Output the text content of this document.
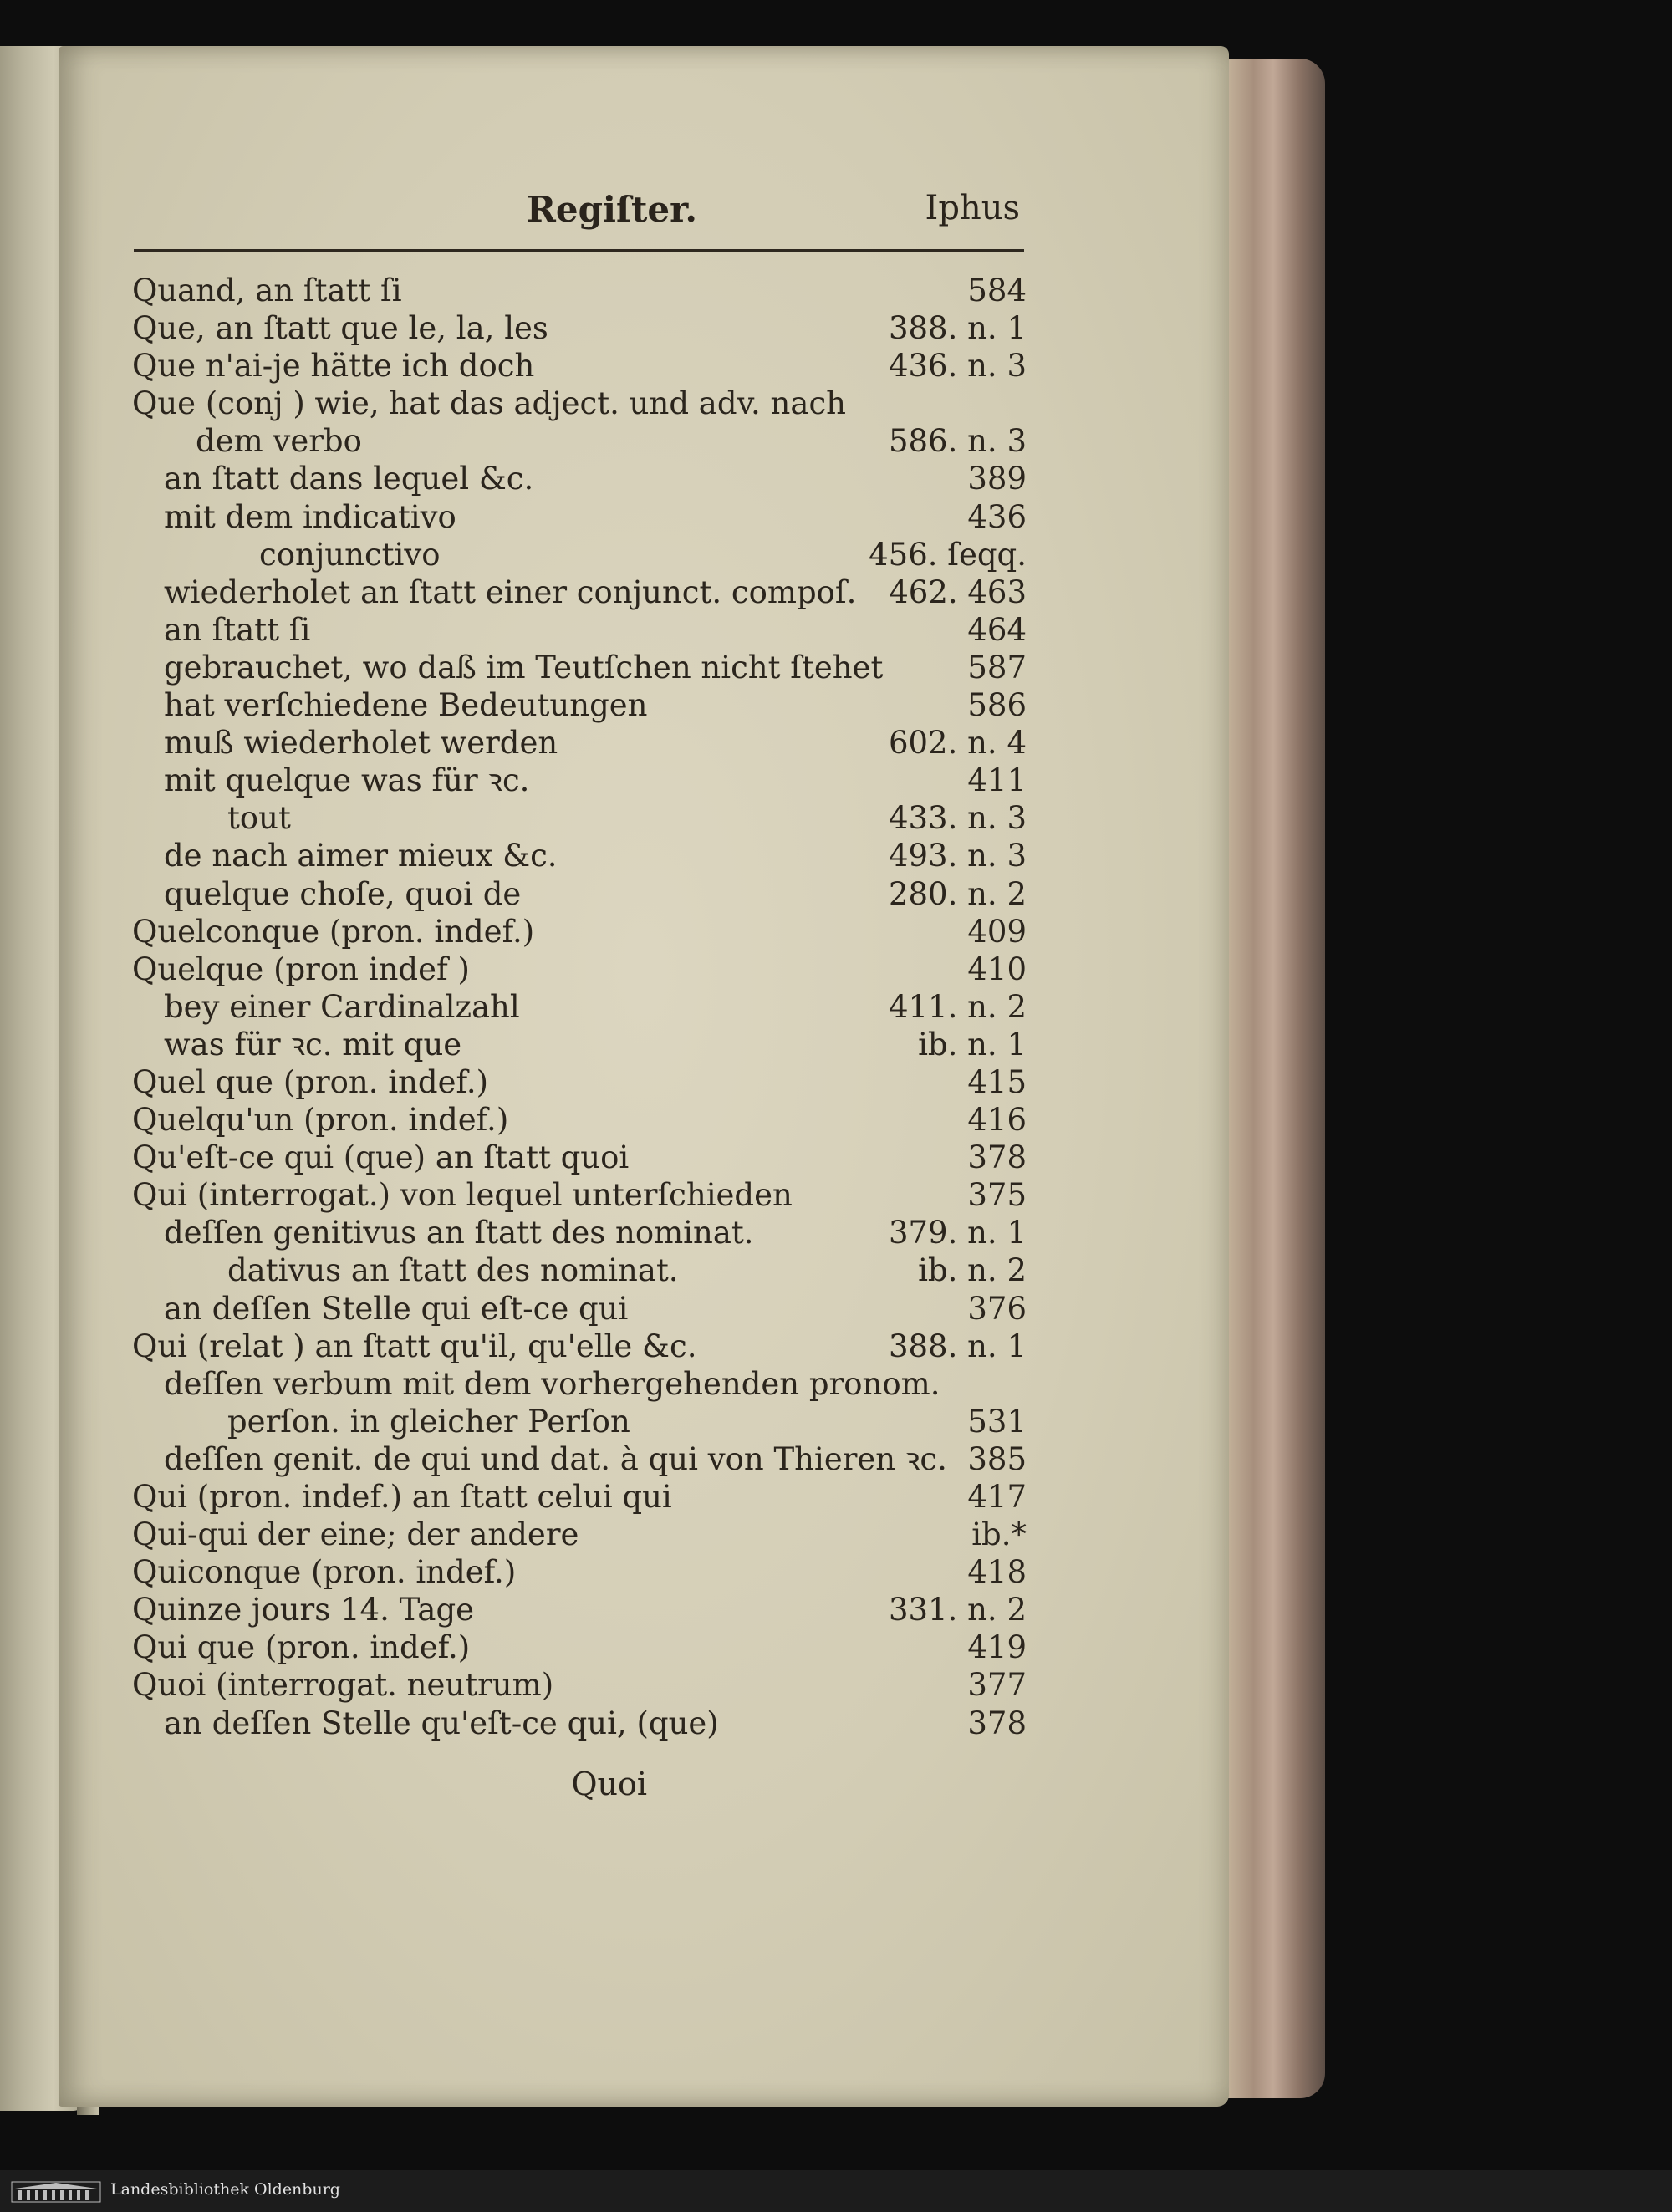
Regiſter.	Iphus
Quand, an ſtatt ſi	584
Que, an ſtatt que le, la, les	388. n. 1
Que n'ai-je hätte ich doch	436. n. 3
Que (conj ) wie, hat das adject. und adv. nach
dem verbo	586. n. 3
an ſtatt dans lequel &c.	389
mit dem indicativo	436
conjunctivo	456. ſeqq.
wiederholet an ſtatt einer conjunct. compoſ. 462. 463
an ſtatt ſi	464
gebrauchet, wo daß im Teutſchen nicht ſtehet	587
hat verſchiedene Bedeutungen	586
muß wiederholet werden	602. n. 4
mit quelque was für ꝛc.	411
tout	433. n. 3
de nach aimer mieux &c.	493. n. 3
quelque choſe, quoi de	280. n. 2
Quelconque (pron. indef.)	409
Quelque (pron indef )	410
bey einer Cardinalzahl	411. n. 2
was für ꝛc. mit que	ib. n. 1
Quel que (pron. indef.)	415
Quelqu'un (pron. indef.)	416
Qu'eſt-ce qui (que) an ſtatt quoi	378
Qui (interrogat.) von lequel unterſchieden	375
deſſen genitivus an ſtatt des nominat.	379. n. 1
dativus an ſtatt des nominat.	ib. n. 2
an deſſen Stelle qui eſt-ce qui	376
Qui (relat ) an ſtatt qu'il, qu'elle &c.	388. n. 1
deſſen verbum mit dem vorhergehenden pronom.
perſon. in gleicher Perſon	531
deſſen genit. de qui und dat. à qui von Thieren ꝛc. 385
Qui (pron. indef.) an ſtatt celui qui	417
Qui-qui der eine; der andere	ib.*
Quiconque (pron. indef.)	418
Quinze jours 14. Tage	331. n. 2
Qui que (pron. indef.)	419
Quoi (interrogat. neutrum)	377
an deſſen Stelle qu'eſt-ce qui, (que)	378
Quoi
Landesbibliothek Oldenburg
